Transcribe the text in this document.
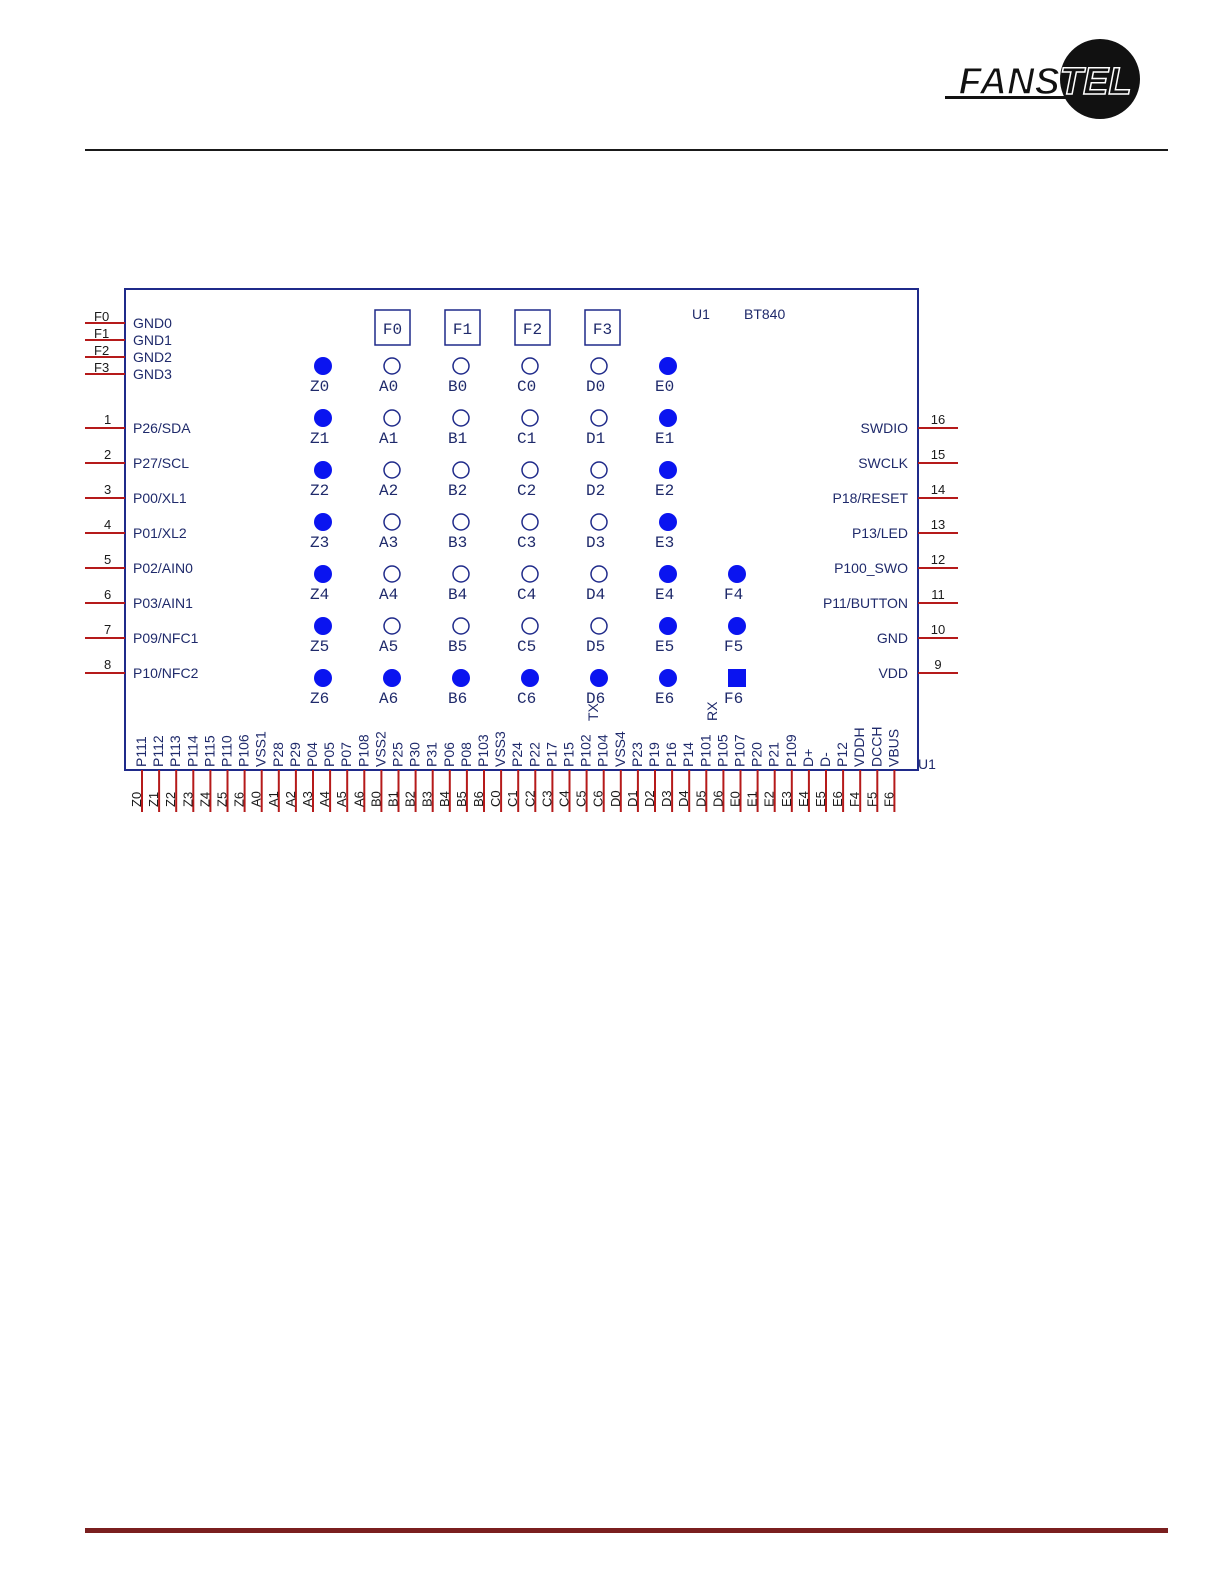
FANSTEL
U1 BT840
U1
F0 GND0
F1 GND1
F2 GND2
F3 GND3
F0	F1	F2	F3
1
P26/SDA
2
P27/SCL
3
P00/XL1
4
P01/XL2
5
P02/AIN0
6
P03/AIN1
7
P09/NFC1
8
P10/NFC2
16
SWDIO
15
SWCLK
14
P18/RESET
13
P13/LED
12
P100_SWO
11
P11/BUTTON
10
GND
9
VDD
Z0
Z1
Z2
Z3
Z4
Z5
Z6
A0
A1
A2
A3
A4
A5
A6
B0
B1
B2
B3
B4
B5
B6
C0
C1
C2
C3
C4
C5
C6
D0
D1
D2
D3
D4
D5
D6
E0
E1
E2
E3
E4
E5
E6
F4
F5
F6
TX	RX
P111
Z0
P112
Z1
P113
Z2
P114
Z3
P115
Z4
P110
Z5
P106
Z6
VSS1
A0
P28
A1
P29
A2
P04
A3
P05
A4
P07
A5
P108
A6
VSS2
B0
P25
B1
P30
B2
P31
B3
P06
B4
P08
B5
P103
B6
VSS3
C0
P24
C1
P22
C2
P17
C3
P15
C4
P102
C5
P104
C6
VSS4
D0
P23
D1
P19
D2
P16
D3
P14
D4
P101
D5
P105
D6
P107
E0
P20
E1
P21
E2
P109
E3
D+
E4
D-
E5
P12
E6
VDDH
F4
DCCH
F5
VBUS
F6
